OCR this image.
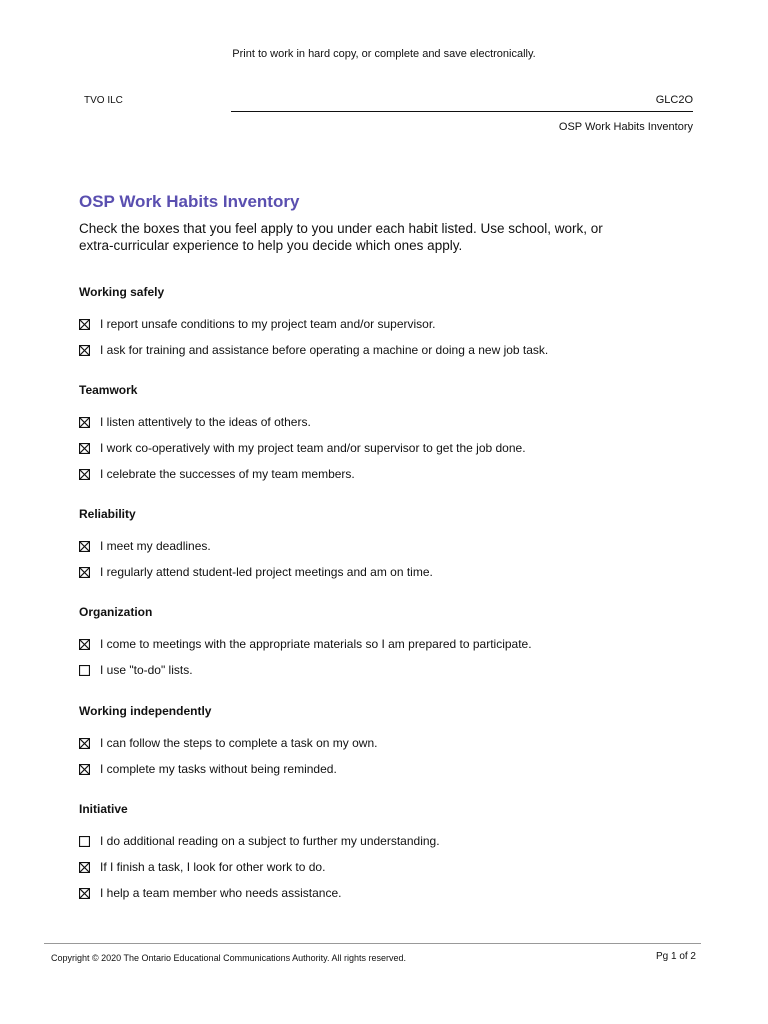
Print to work in hard copy, or complete and save electronically.
TVO ILC	GLC2O
OSP Work Habits Inventory
OSP Work Habits Inventory
Check the boxes that you feel apply to you under each habit listed. Use school, work, or extra-curricular experience to help you decide which ones apply.
Working safely
I report unsafe conditions to my project team and/or supervisor.
I ask for training and assistance before operating a machine or doing a new job task.
Teamwork
I listen attentively to the ideas of others.
I work co-operatively with my project team and/or supervisor to get the job done.
I celebrate the successes of my team members.
Reliability
I meet my deadlines.
I regularly attend student-led project meetings and am on time.
Organization
I come to meetings with the appropriate materials so I am prepared to participate.
I use "to-do" lists.
Working independently
I can follow the steps to complete a task on my own.
I complete my tasks without being reminded.
Initiative
I do additional reading on a subject to further my understanding.
If I finish a task, I look for other work to do.
I help a team member who needs assistance.
Copyright © 2020 The Ontario Educational Communications Authority. All rights reserved.	Pg 1 of 2
